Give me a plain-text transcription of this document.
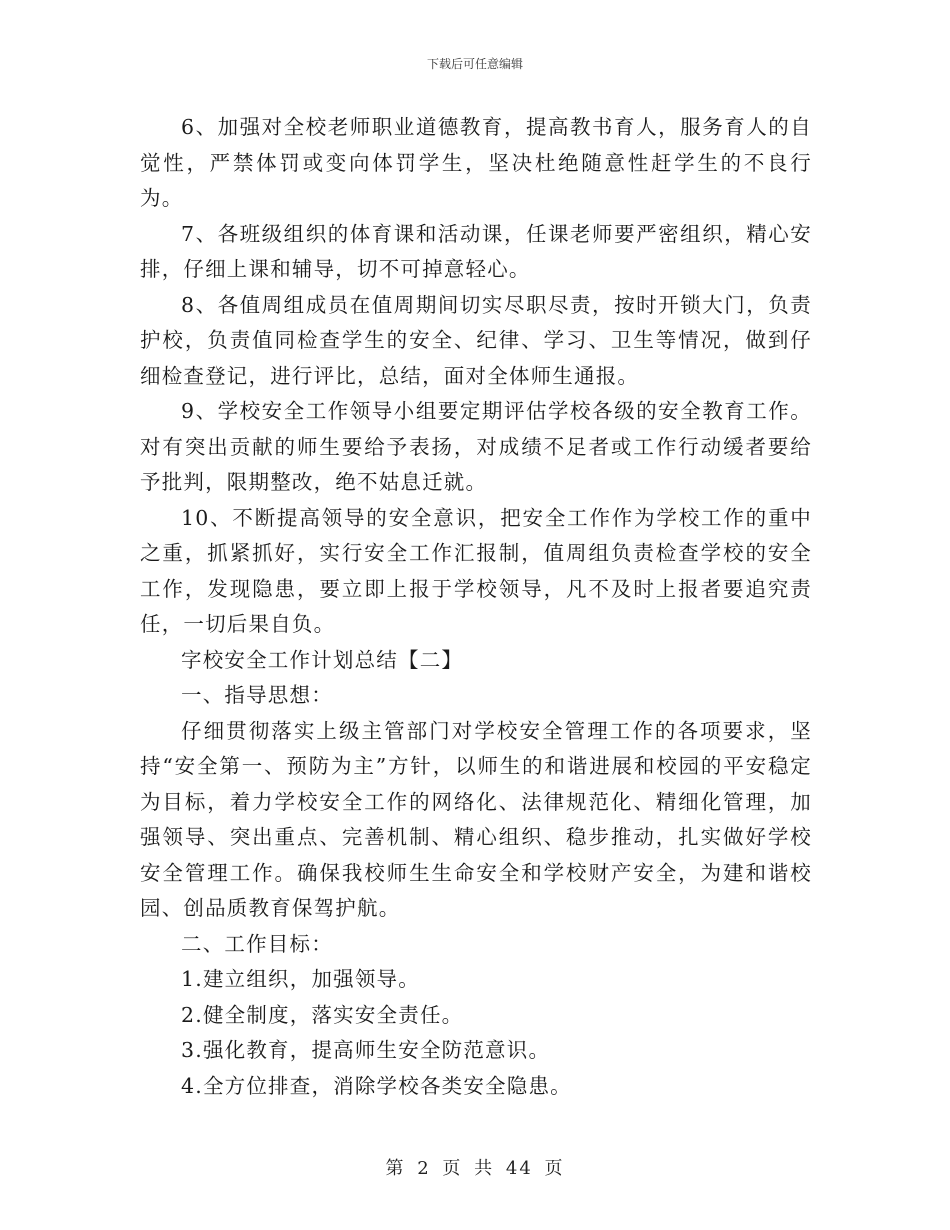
下载后可任意编辑

6、加强对全校老师职业道德教育，提高教书育人，服务育人的自觉性，严禁体罚或变向体罚学生，坚决杜绝随意性赶学生的不良行为。

7、各班级组织的体育课和活动课，任课老师要严密组织，精心安排，仔细上课和辅导，切不可掉意轻心。

8、各值周组成员在值周期间切实尽职尽责，按时开锁大门，负责护校，负责值同检查学生的安全、纪律、学习、卫生等情况，做到仔细检查登记，进行评比，总结，面对全体师生通报。

9、学校安全工作领导小组要定期评估学校各级的安全教育工作。对有突出贡献的师生要给予表扬，对成绩不足者或工作行动缓者要给予批判，限期整改，绝不姑息迁就。

10、不断提高领导的安全意识，把安全工作作为学校工作的重中之重，抓紧抓好，实行安全工作汇报制，值周组负责检查学校的安全工作，发现隐患，要立即上报于学校领导，凡不及时上报者要追究责任，一切后果自负。

字校安全工作计划总结【二】

一、指导思想：

仔细贯彻落实上级主管部门对学校安全管理工作的各项要求，坚持“安全第一、预防为主”方针，以师生的和谐进展和校园的平安稳定为目标，着力学校安全工作的网络化、法律规范化、精细化管理，加强领导、突出重点、完善机制、精心组织、稳步推动，扎实做好学校安全管理工作。确保我校师生生命安全和学校财产安全，为建和谐校园、创品质教育保驾护航。

二、工作目标：

1.建立组织，加强领导。

2.健全制度，落实安全责任。

3.强化教育，提高师生安全防范意识。

4.全方位排查，消除学校各类安全隐患。

第 2 页 共 44 页
